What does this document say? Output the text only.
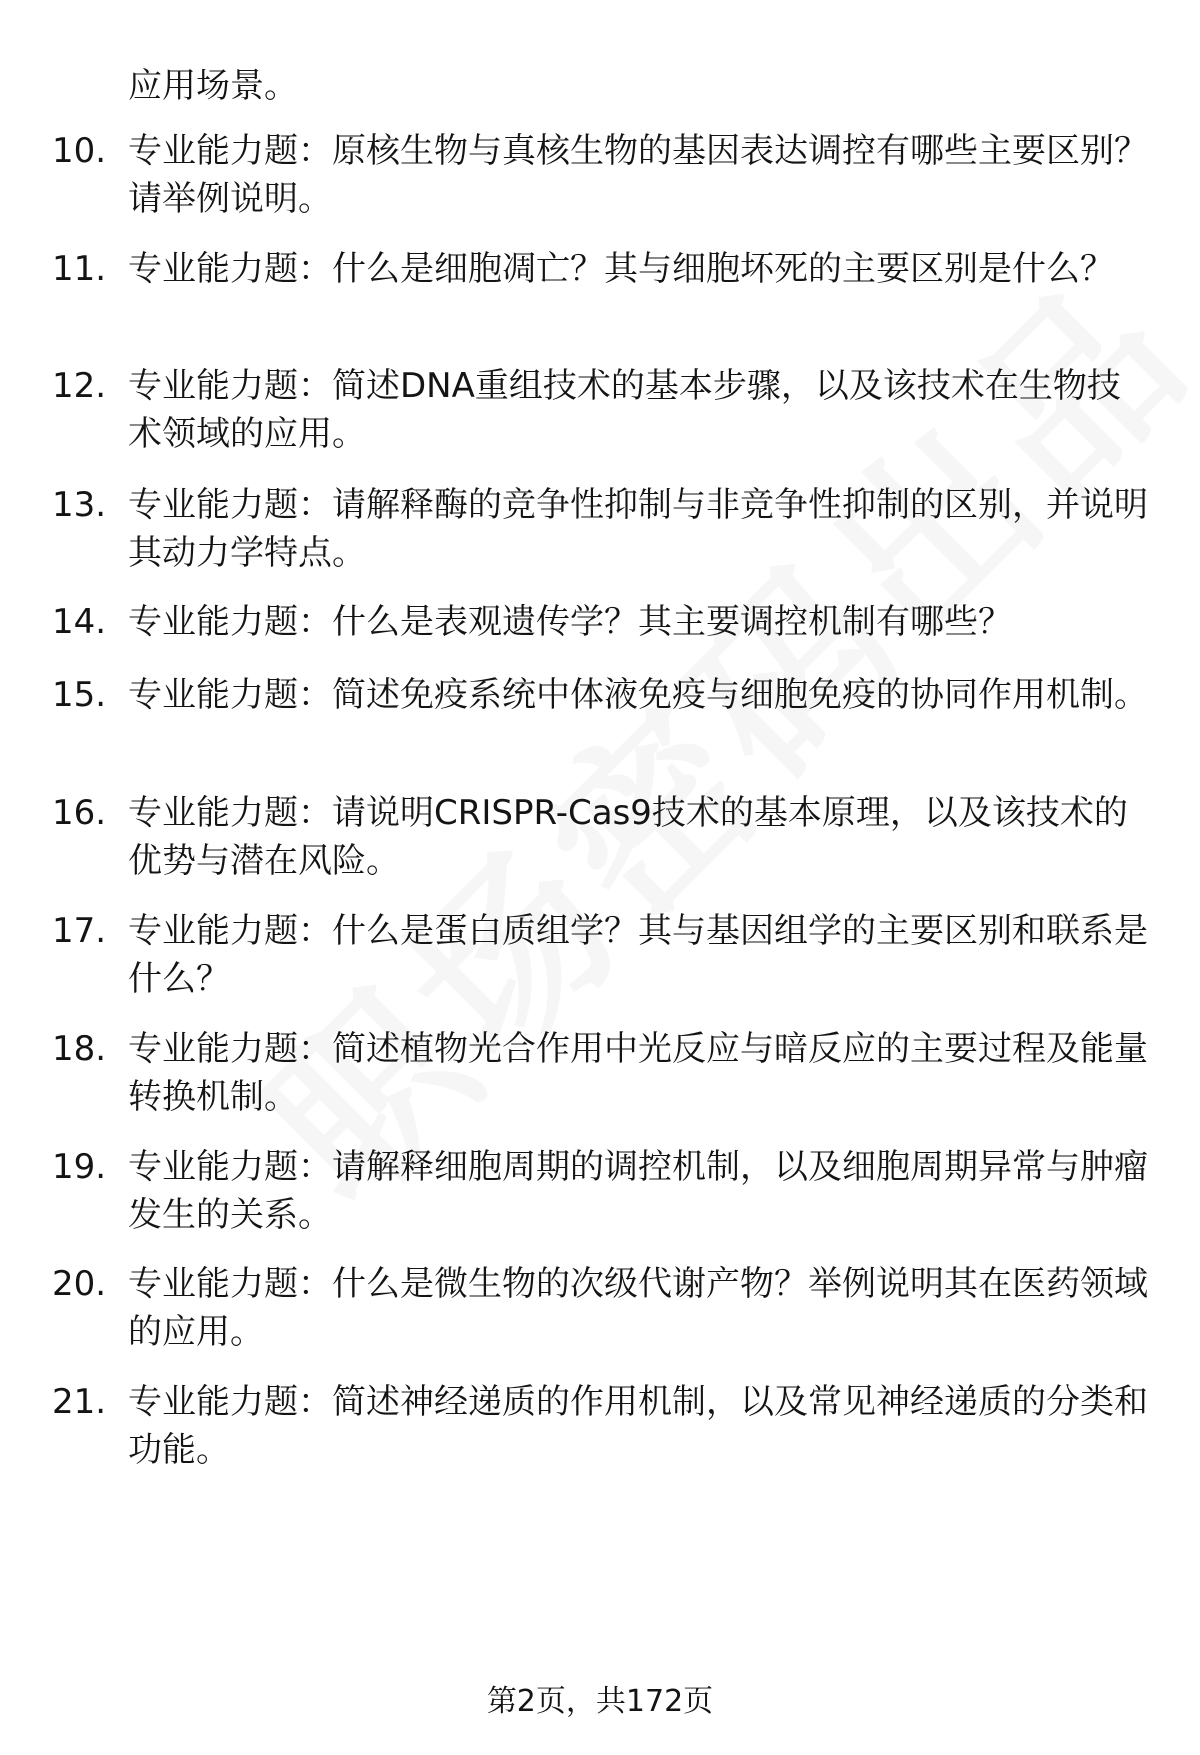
应用场景。

10. 专业能力题：原核生物与真核生物的基因表达调控有哪些主要区别？请举例说明。

11. 专业能力题：什么是细胞凋亡？其与细胞坏死的主要区别是什么？

12. 专业能力题：简述DNA重组技术的基本步骤，以及该技术在生物技术领域的应用。

13. 专业能力题：请解释酶的竞争性抑制与非竞争性抑制的区别，并说明其动力学特点。

14. 专业能力题：什么是表观遗传学？其主要调控机制有哪些？

15. 专业能力题：简述免疫系统中体液免疫与细胞免疫的协同作用机制。

16. 专业能力题：请说明CRISPR-Cas9技术的基本原理，以及该技术的优势与潜在风险。

17. 专业能力题：什么是蛋白质组学？其与基因组学的主要区别和联系是什么？

18. 专业能力题：简述植物光合作用中光反应与暗反应的主要过程及能量转换机制。

19. 专业能力题：请解释细胞周期的调控机制，以及细胞周期异常与肿瘤发生的关系。

20. 专业能力题：什么是微生物的次级代谢产物？举例说明其在医药领域的应用。

21. 专业能力题：简述神经递质的作用机制，以及常见神经递质的分类和功能。

第2页，共172页
